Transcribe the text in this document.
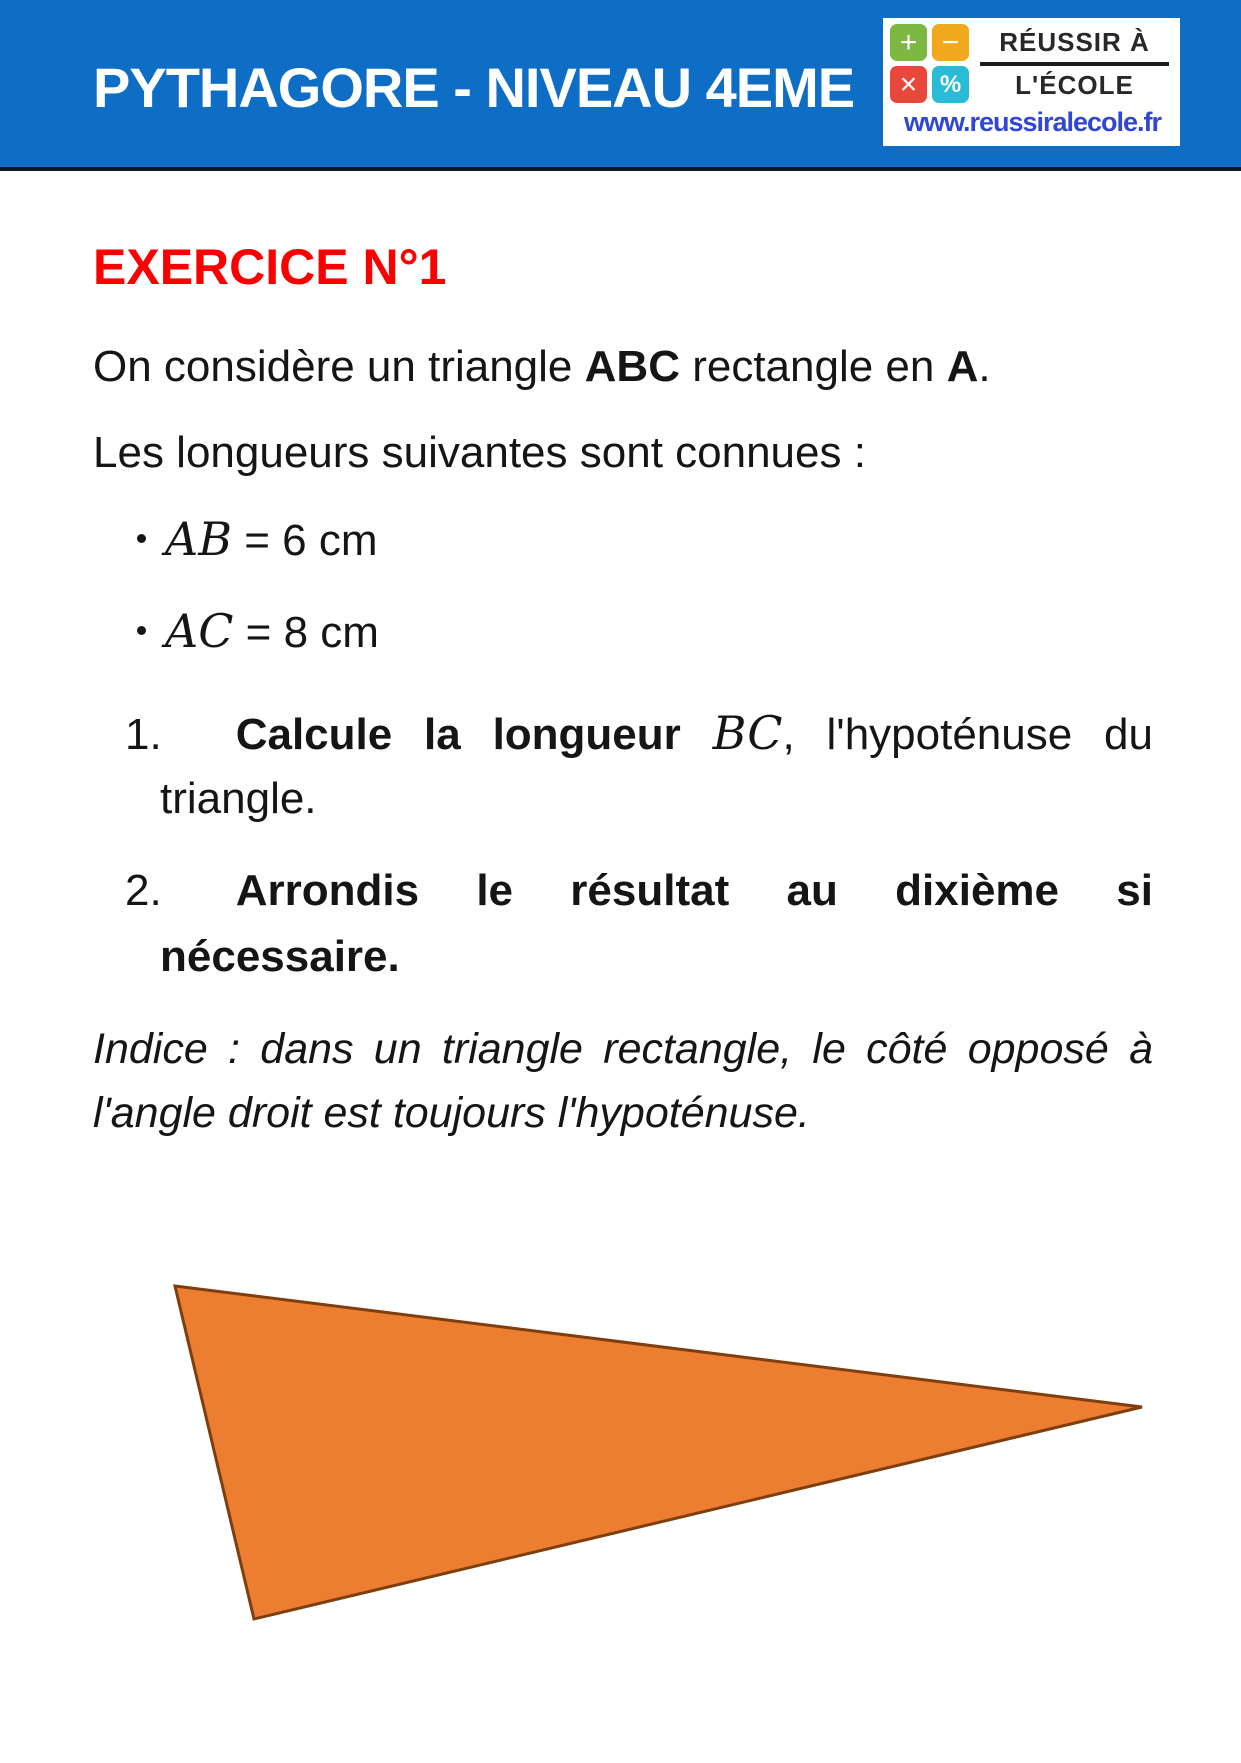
PYTHAGORE - NIVEAU 4EME
+ −
× %
RÉUSSIR À
L'ÉCOLE
www.reussiralecole.fr
EXERCICE N°1

On considère un triangle ABC rectangle en A.

Les longueurs suivantes sont connues :

AB = 6 cm
AC = 8 cm
1. Calcule la longueur BC, l'hypoténuse du triangle.
2. Arrondis le résultat au dixième si nécessaire.

Indice : dans un triangle rectangle, le côté opposé à l'angle droit est toujours l'hypoténuse.
